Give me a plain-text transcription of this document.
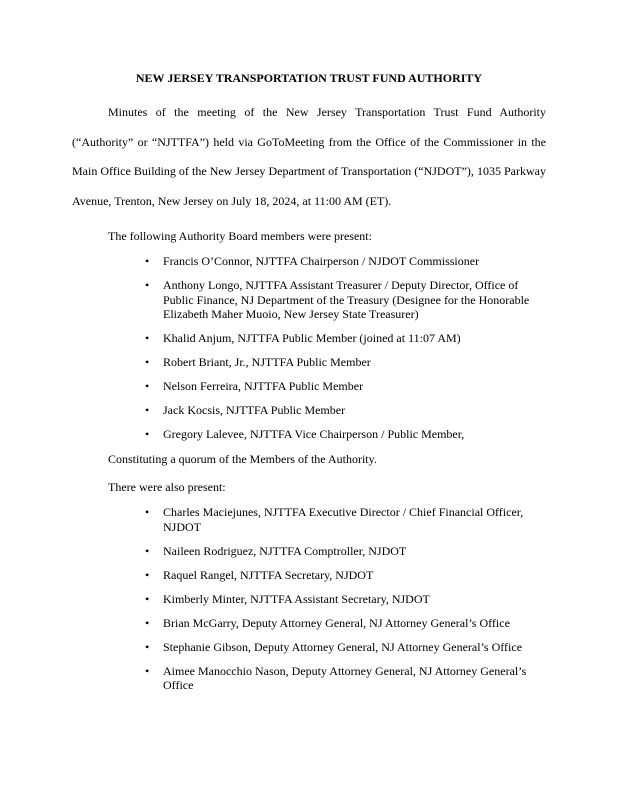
NEW JERSEY TRANSPORTATION TRUST FUND AUTHORITY

Minutes of the meeting of the New Jersey Transportation Trust Fund Authority (“Authority” or “NJTTFA”) held via GoToMeeting from the Office of the Commissioner in the Main Office Building of the New Jersey Department of Transportation (“NJDOT”), 1035 Parkway Avenue, Trenton, New Jersey on July 18, 2024, at 11:00 AM (ET).

The following Authority Board members were present:

• Francis O’Connor, NJTTFA Chairperson / NJDOT Commissioner
• Anthony Longo, NJTTFA Assistant Treasurer / Deputy Director, Office of Public Finance, NJ Department of the Treasury (Designee for the Honorable Elizabeth Maher Muoio, New Jersey State Treasurer)
• Khalid Anjum, NJTTFA Public Member (joined at 11:07 AM)
• Robert Briant, Jr., NJTTFA Public Member
• Nelson Ferreira, NJTTFA Public Member
• Jack Kocsis, NJTTFA Public Member
• Gregory Lalevee, NJTTFA Vice Chairperson / Public Member,

Constituting a quorum of the Members of the Authority.

There were also present:

• Charles Maciejunes, NJTTFA Executive Director / Chief Financial Officer, NJDOT
• Naileen Rodriguez, NJTTFA Comptroller, NJDOT
• Raquel Rangel, NJTTFA Secretary, NJDOT
• Kimberly Minter, NJTTFA Assistant Secretary, NJDOT
• Brian McGarry, Deputy Attorney General, NJ Attorney General’s Office
• Stephanie Gibson, Deputy Attorney General, NJ Attorney General’s Office
• Aimee Manocchio Nason, Deputy Attorney General, NJ Attorney General’s Office
